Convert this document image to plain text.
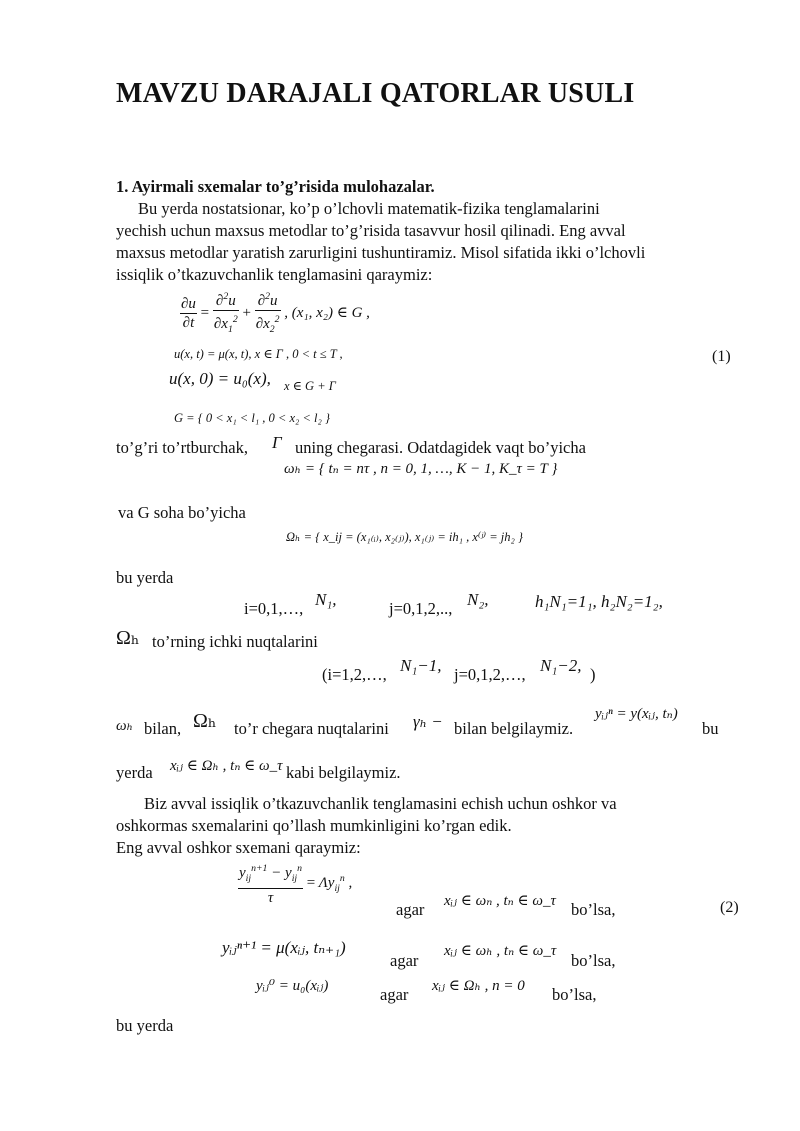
MAVZU DARAJALI QATORLAR USULI
1. Ayirmali sxemalar to’g’risida mulohazalar.
Bu yerda nostatsionar, ko’p o’lchovli matematik-fizika tenglamalarini
yechish uchun maxsus metodlar to’g’risida tasavvur hosil qilinadi. Eng avval
maxsus metodlar yaratish zarurligini tushuntiramiz. Misol sifatida ikki o’lchovli
issiqlik o’tkazuvchanlik tenglamasini qaraymiz:
$\frac{\partial u}{\partial t} = \frac{\partial^2u}{\partial x_1^2} + \frac{\partial^2u}{\partial x_2^2}$ , (x₁, x₂) ∈ G ,
u(x, t) = μ(x, t), x ∈ Γ , 0 < t ≤ T ,	(1)
u(x, 0) = u₀(x), x ∈ G + Γ
G = { 0 < x₁ < l₁ , 0 < x₂ < l₂ }
to’g’ri to’rtburchak, Γ uning chegarasi. Odatdagidek vaqt bo’yicha
ωₕ = { tₙ = nτ , n = 0, 1, …, K − 1, K_τ = T }
va G soha bo’yicha
Ωₕ = { x_ij = (x₁₍ᵢ₎, x₂₍ⱼ₎), x₁₍ⱼ₎ = ih₁ , x⁽ʲ⁾ = jh₂ }
bu yerda
i=0,1,…, N₁,	j=0,1,2,.., N₂,	h₁N₁=1₁, h₂N₂=1₂,
Ωₕ to’rning ichki nuqtalarini
(i=1,2,…, N₁−1, j=0,1,2,…, N₁−2, )
ωₕ bilan, Ωₕ to’r chegara nuqtalarini γₕ − bilan belgilaymiz.
yᵢⱼⁿ = y(xᵢⱼ, tₙ)
bu
yerda xᵢⱼ ∈ Ωₕ , tₙ ∈ ω_τ kabi belgilaymiz.
Biz avval issiqlik o’tkazuvchanlik tenglamasini echish uchun oshkor va
oshkormas sxemalarini qo’llash mumkinligini ko’rgan edik.
Eng avval oshkor sxemani qaraymiz:
$\frac{y_{ij}^{n+1} - y_{ij}^n}{\tau} = \Lambda y_{ij}^n$ ,
agar xᵢⱼ ∈ ωₙ , tₙ ∈ ω_τ bo’lsa,	(2)
yᵢⱼⁿ⁺¹ = μ(xᵢⱼ, tₙ₊₁)
agar xᵢⱼ ∈ ωₕ , tₙ ∈ ω_τ bo’lsa,
yᵢⱼ⁰ = u₀(xᵢⱼ)	agar xᵢⱼ ∈ Ωₕ , n = 0 bo’lsa,
bu yerda
